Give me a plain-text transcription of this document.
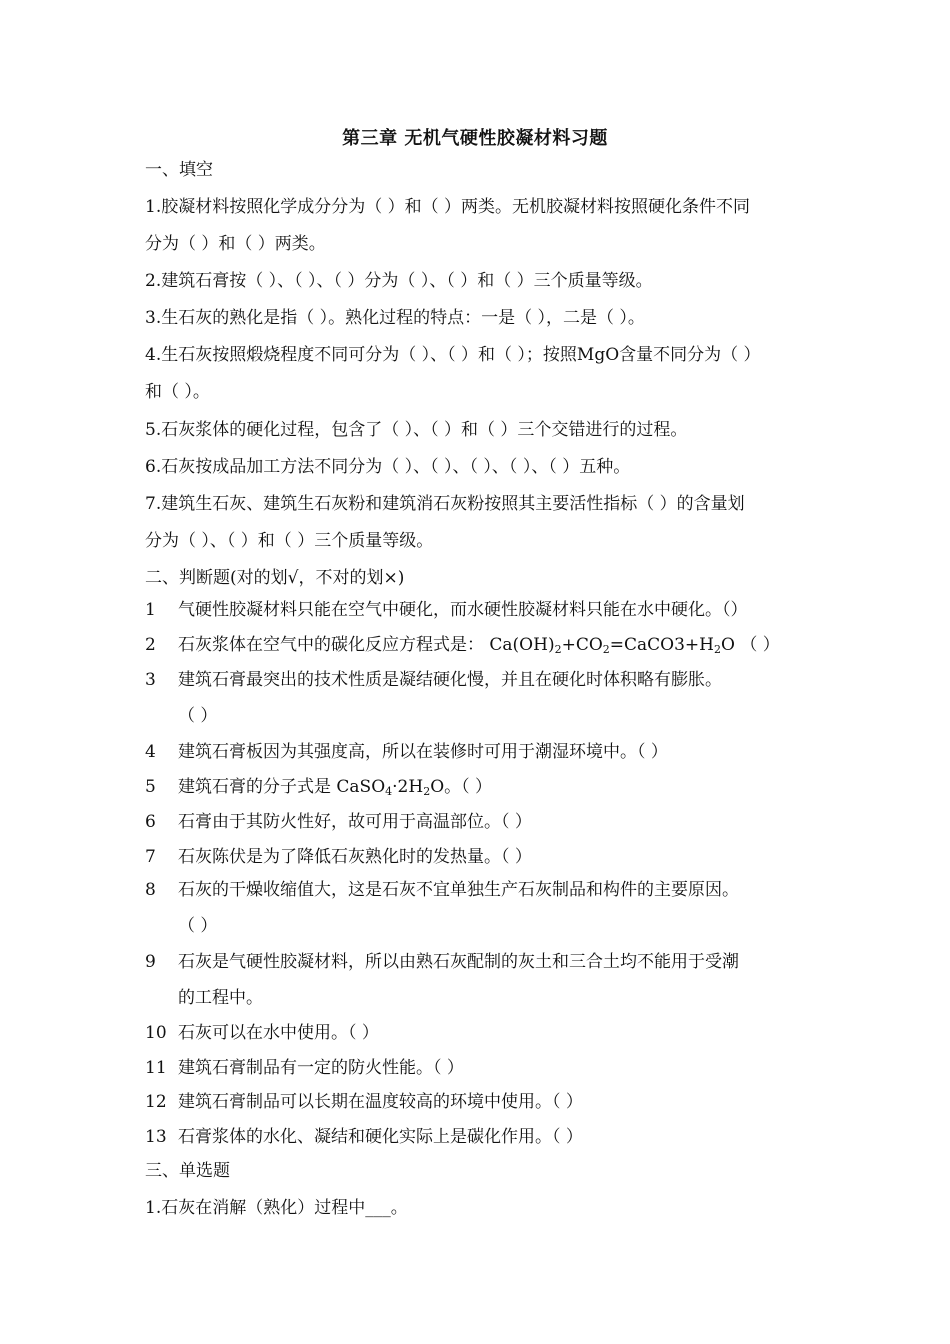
第三章 无机气硬性胶凝材料习题
一、填空
1.胶凝材料按照化学成分分为（ ）和（ ）两类。无机胶凝材料按照硬化条件不同
分为（ ）和（ ）两类。
2.建筑石膏按（ ）、（ ）、（ ）分为（ ）、（ ）和（ ）三个质量等级。
3.生石灰的熟化是指（ ）。熟化过程的特点：一是（ ），二是（ ）。
4.生石灰按照煅烧程度不同可分为（ ）、（ ）和（ ）；按照MgO含量不同分为（ ）
和（ ）。
5.石灰浆体的硬化过程，包含了（ ）、（ ）和（ ）三个交错进行的过程。
6.石灰按成品加工方法不同分为（ ）、（ ）、（ ）、（ ）、（ ）五种。
7.建筑生石灰、建筑生石灰粉和建筑消石灰粉按照其主要活性指标（ ）的含量划
分为（ ）、（ ）和（ ）三个质量等级。
二、判断题(对的划√，不对的划×)
1 气硬性胶凝材料只能在空气中硬化，而水硬性胶凝材料只能在水中硬化。（）
2 石灰浆体在空气中的碳化反应方程式是： $Ca(OH)_2+CO_2=CaCO3+H_2O$ （ ）
3 建筑石膏最突出的技术性质是凝结硬化慢，并且在硬化时体积略有膨胀。
（ ）
4 建筑石膏板因为其强度高，所以在装修时可用于潮湿环境中。（ ）
5 建筑石膏的分子式是 $CaSO_4\cdot 2H_2O$。（ ）
6 石膏由于其防火性好，故可用于高温部位。（ ）
7 石灰陈伏是为了降低石灰熟化时的发热量。（ ）
8 石灰的干燥收缩值大，这是石灰不宜单独生产石灰制品和构件的主要原因。
（ ）
9 石灰是气硬性胶凝材料，所以由熟石灰配制的灰土和三合土均不能用于受潮
的工程中。
10 石灰可以在水中使用。（ ）
11 建筑石膏制品有一定的防火性能。（ ）
12 建筑石膏制品可以长期在温度较高的环境中使用。（ ）
13 石膏浆体的水化、凝结和硬化实际上是碳化作用。（ ）
三、单选题
1.石灰在消解（熟化）过程中___。
